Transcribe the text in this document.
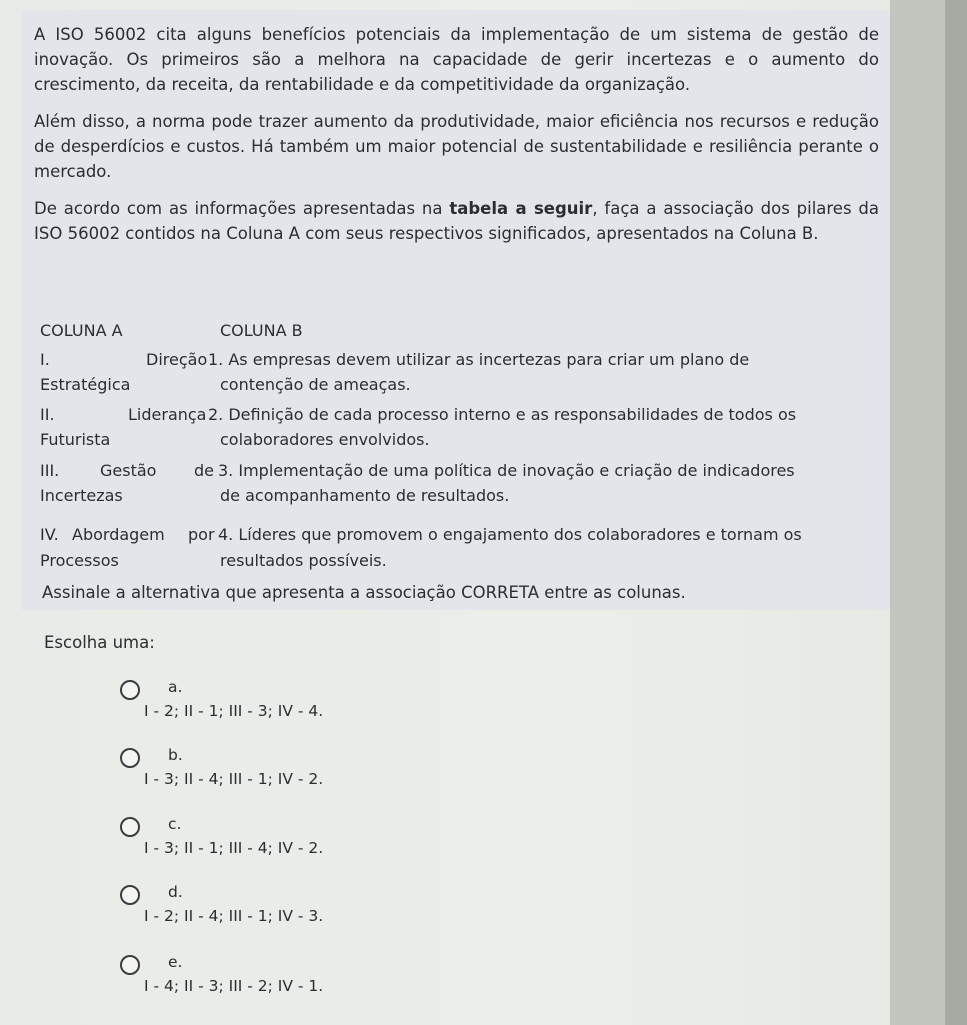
A ISO 56002 cita alguns benefícios potenciais da implementação de um sistema de gestão de inovação. Os primeiros são a melhora na capacidade de gerir incertezas e o aumento do crescimento, da receita, da rentabilidade e da competitividade da organização.
Além disso, a norma pode trazer aumento da produtividade, maior eficiência nos recursos e redução de desperdícios e custos. Há também um maior potencial de sustentabilidade e resiliência perante o mercado.
De acordo com as informações apresentadas na tabela a seguir, faça a associação dos pilares da ISO 56002 contidos na Coluna A com seus respectivos significados, apresentados na Coluna B.
COLUNA A	COLUNA B
I.	Direção
Estratégica
1. As empresas devem utilizar as incertezas para criar um plano de
contenção de ameaças.
II.	Liderança
Futurista
2. Definição de cada processo interno e as responsabilidades de todos os
colaboradores envolvidos.
III.	Gestão de
Incertezas
3. Implementação de uma política de inovação e criação de indicadores
de acompanhamento de resultados.
IV. Abordagem por
Processos
4. Líderes que promovem o engajamento dos colaboradores e tornam os
resultados possíveis.
Assinale a alternativa que apresenta a associação CORRETA entre as colunas.
Escolha uma:
a.
I - 2; II - 1; III - 3; IV - 4.
b.
I - 3; II - 4; III - 1; IV - 2.
c.
I - 3; II - 1; III - 4; IV - 2.
d.
I - 2; II - 4; III - 1; IV - 3.
e.
I - 4; II - 3; III - 2; IV - 1.
